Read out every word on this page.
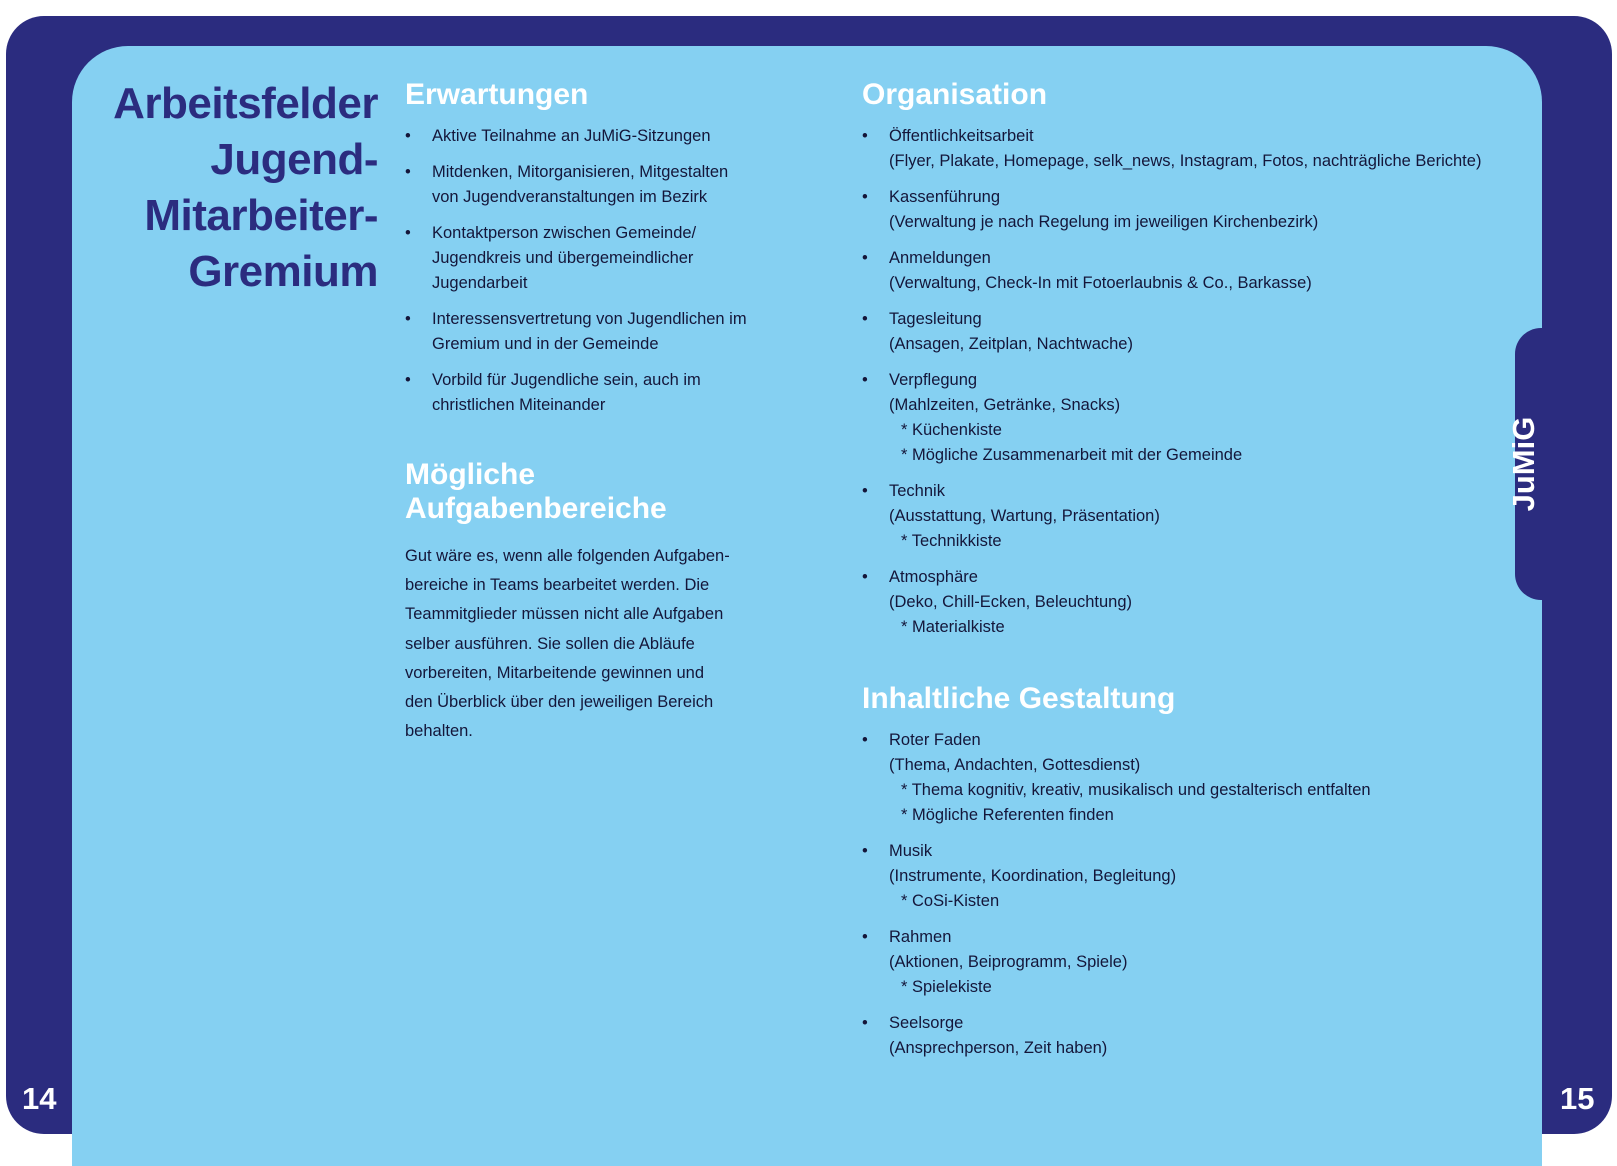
JuMiG
14	15
Arbeitsfelder
Jugend-
Mitarbeiter-
Gremium
Erwartungen
• Aktive Teilnahme an JuMiG-Sitzungen
• Mitdenken, Mitorganisieren, Mitgestalten
von Jugendveranstaltungen im Bezirk
• Kontaktperson zwischen Gemeinde/
Jugendkreis und übergemeindlicher
Jugendarbeit
• Interessensvertretung von Jugendlichen im
Gremium und in der Gemeinde
• Vorbild für Jugendliche sein, auch im
christlichen Miteinander
Mögliche
Aufgabenbereiche
Gut wäre es, wenn alle folgenden Aufgaben-
bereiche in Teams bearbeitet werden. Die
Teammitglieder müssen nicht alle Aufgaben
selber ausführen. Sie sollen die Abläufe
vorbereiten, Mitarbeitende gewinnen und
den Überblick über den jeweiligen Bereich
behalten.
Organisation
• Öffentlichkeitsarbeit
(Flyer, Plakate, Homepage, selk_news, Instagram, Fotos, nachträgliche Berichte)
• Kassenführung
(Verwaltung je nach Regelung im jeweiligen Kirchenbezirk)
• Anmeldungen
(Verwaltung, Check-In mit Fotoerlaubnis & Co., Barkasse)
• Tagesleitung
(Ansagen, Zeitplan, Nachtwache)
• Verpflegung
(Mahlzeiten, Getränke, Snacks)
* Küchenkiste
* Mögliche Zusammenarbeit mit der Gemeinde
• Technik
(Ausstattung, Wartung, Präsentation)
* Technikkiste
• Atmosphäre
(Deko, Chill-Ecken, Beleuchtung)
* Materialkiste
Inhaltliche Gestaltung
• Roter Faden
(Thema, Andachten, Gottesdienst)
* Thema kognitiv, kreativ, musikalisch und gestalterisch entfalten
* Mögliche Referenten finden
• Musik
(Instrumente, Koordination, Begleitung)
* CoSi-Kisten
• Rahmen
(Aktionen, Beiprogramm, Spiele)
* Spielekiste
• Seelsorge
(Ansprechperson, Zeit haben)
